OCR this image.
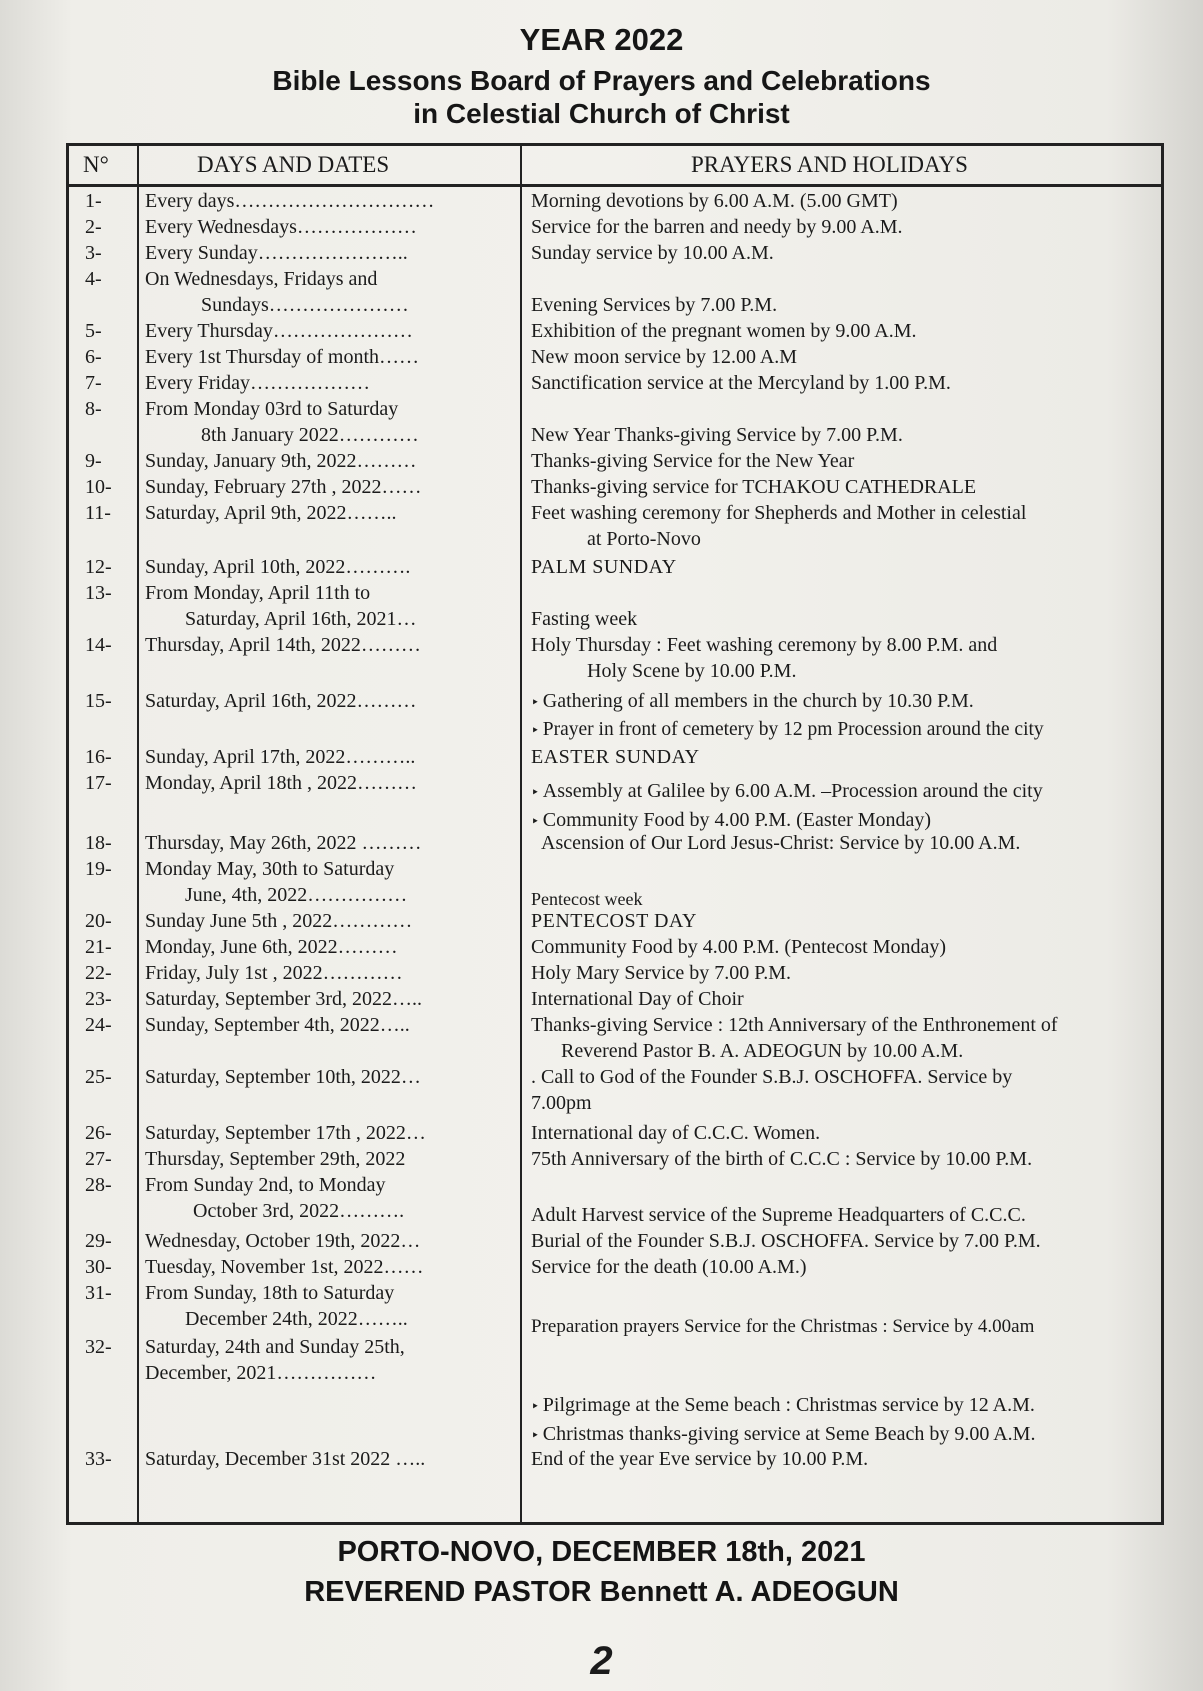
YEAR 2022
Bible Lessons Board of Prayers and Celebrations
in Celestial Church of Christ
N°	DAYS AND DATES	PRAYERS AND HOLIDAYS
1-	Every days…………………………	Morning devotions by 6.00 A.M. (5.00 GMT)
2-	Every Wednesdays………………	Service for the barren and needy by 9.00 A.M.
3-	Every Sunday…………………..	Sunday service by 10.00 A.M.
4-	On Wednesdays, Fridays and
Sundays…………………	Evening Services by 7.00 P.M.
5-	Every Thursday…………………	Exhibition of the pregnant women by 9.00 A.M.
6-	Every 1st Thursday of month……	New moon service by 12.00 A.M
7-	Every Friday………………	Sanctification service at the Mercyland by 1.00 P.M.
8-	From Monday 03rd to Saturday
8th January 2022…………	New Year Thanks-giving Service by 7.00 P.M.
9-	Sunday, January 9th, 2022………	Thanks-giving Service for the New Year
10-	Sunday, February 27th , 2022……	Thanks-giving service for TCHAKOU CATHEDRALE
11-	Saturday, April 9th, 2022……..	Feet washing ceremony for Shepherds and Mother in celestial
at Porto-Novo
12-	Sunday, April 10th, 2022……….	PALM SUNDAY
13-	From Monday, April 11th to
Saturday, April 16th, 2021…	Fasting week
14-	Thursday, April 14th, 2022………	Holy Thursday : Feet washing ceremony by 8.00 P.M. and
Holy Scene by 10.00 P.M.
15-	Saturday, April 16th, 2022………	‣ Gathering of all members in the church by 10.30 P.M.
‣ Prayer in front of cemetery by 12 pm Procession around the city
16-	Sunday, April 17th, 2022………..	EASTER SUNDAY
17-	Monday, April 18th , 2022………	‣ Assembly at Galilee by 6.00 A.M. –Procession around the city
‣ Community Food by 4.00 P.M. (Easter Monday)
18-	Thursday, May 26th, 2022 ………	Ascension of Our Lord Jesus-Christ: Service by 10.00 A.M.
19-	Monday May, 30th to Saturday
June, 4th, 2022……………	Pentecost week
20-	Sunday June 5th , 2022…………	PENTECOST DAY
21-	Monday, June 6th, 2022………	Community Food by 4.00 P.M. (Pentecost Monday)
22-	Friday, July 1st , 2022…………	Holy Mary Service by 7.00 P.M.
23-	Saturday, September 3rd, 2022…..	International Day of Choir
24-	Sunday, September 4th, 2022…..	Thanks-giving Service : 12th Anniversary of the Enthronement of
Reverend Pastor B. A. ADEOGUN by 10.00 A.M.
25-	Saturday, September 10th, 2022…	. Call to God of the Founder S.B.J. OSCHOFFA. Service by
7.00pm
26-	Saturday, September 17th , 2022…	International day of C.C.C. Women.
27-	Thursday, September 29th, 2022	75th Anniversary of the birth of C.C.C : Service by 10.00 P.M.
28-	From Sunday 2nd, to Monday
October 3rd, 2022……….	Adult Harvest service of the Supreme Headquarters of C.C.C.
29-	Wednesday, October 19th, 2022…	Burial of the Founder S.B.J. OSCHOFFA. Service by 7.00 P.M.
30-	Tuesday, November 1st, 2022……	Service for the death (10.00 A.M.)
31-	From Sunday, 18th to Saturday
December 24th, 2022……..	Preparation prayers Service for the Christmas : Service by 4.00am
32-	Saturday, 24th and Sunday 25th,
December, 2021……………
‣ Pilgrimage at the Seme beach : Christmas service by 12 A.M.
‣ Christmas thanks-giving service at Seme Beach by 9.00 A.M.
33-	Saturday, December 31st 2022 …..	End of the year Eve service by 10.00 P.M.
PORTO-NOVO, DECEMBER 18th, 2021
REVEREND PASTOR Bennett A. ADEOGUN
2
